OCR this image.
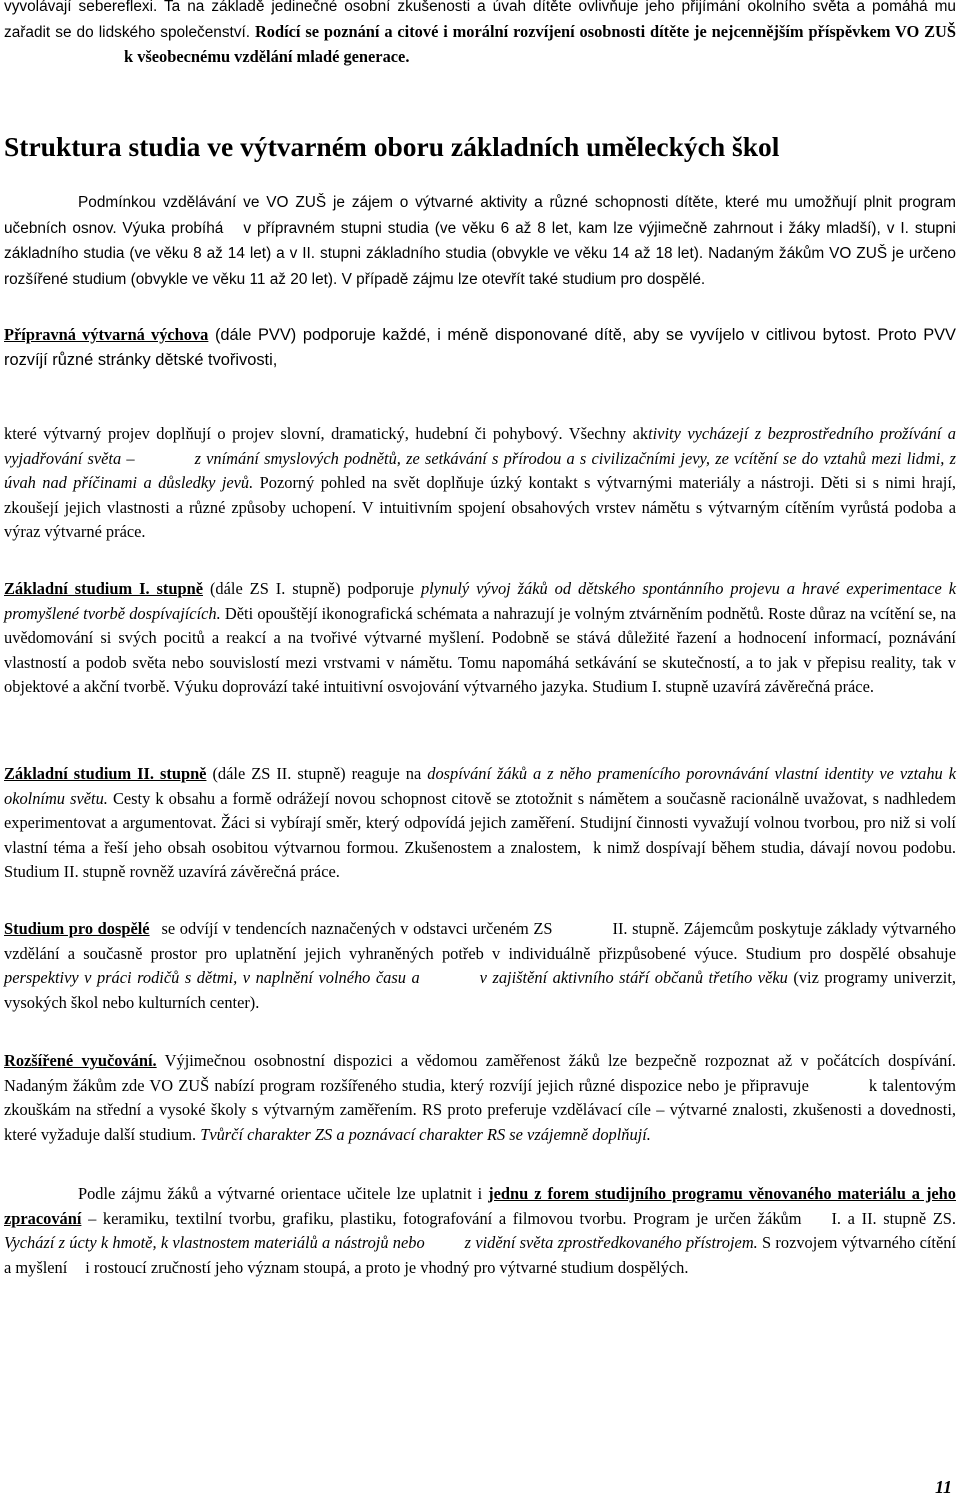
vyvolávají sebereflexi. Ta na základě jedinečné osobní zkušenosti a úvah dítěte ovlivňuje jeho přijímání okolního světa a pomáhá mu zařadit se do lidského společenství. Rodící se poznání a citové i morální rozvíjení osobnosti dítěte je nejcennějším příspěvkem VO ZUŠk všeobecnému vzdělání mladé generace.
Struktura studia ve výtvarném oboru základních uměleckých škol
Podmínkou vzdělávání ve VO ZUŠ je zájem o výtvarné aktivity a různé schopnosti dítěte, které mu umožňují plnit program učebních osnov. Výuka probíhá v přípravném stupni studia (ve věku 6 až 8 let, kam lze výjimečně zahrnout i žáky mladší), v I. stupni základního studia (ve věku 8 až 14 let) a v II. stupni základního studia (obvykle ve věku 14 až 18 let). Nadaným žákům VO ZUŠ je určeno rozšířené studium (obvykle ve věku 11 až 20 let). V případě zájmu lze otevřít také studium pro dospělé.
Přípravná výtvarná výchova (dále PVV) podporuje každé, i méně disponované dítě, aby se vyvíjelo v citlivou bytost. Proto PVV rozvíjí různé stránky dětské tvořivosti,
které výtvarný projev doplňují o projev slovní, dramatický, hudební či pohybový. Všechny aktivity vycházejí z bezprostředního prožívání a vyjadřování světa –	z vnímání smyslových podnětů, ze setkávání s přírodou a s civilizačními jevy, ze vcítění se do vztahů mezi lidmi, z úvah nad příčinami a důsledky jevů. Pozorný pohled na svět doplňuje úzký kontakt s výtvarnými materiály a nástroji. Děti si s nimi hrají, zkoušejí jejich vlastnosti a různé způsoby uchopení. V intuitivním spojení obsahových vrstev námětu s výtvarným cítěním vyrůstá podoba a výraz výtvarné práce.
Základní studium I. stupně (dále ZS I. stupně) podporuje plynulý vývoj žáků od dětského spontánního projevu a hravé experimentace k promyšlené tvorbě dospívajících. Děti opouštějí ikonografická schémata a nahrazují je volným ztvárněním podnětů. Roste důraz na vcítění se, na uvědomování si svých pocitů a reakcí a na tvořivé výtvarné myšlení. Podobně se stává důležité řazení a hodnocení informací, poznávání vlastností a podob světa nebo souvislostí mezi vrstvami v námětu. Tomu napomáhá setkávání se skutečností, a to jak v přepisu reality, tak v objektové a akční tvorbě. Výuku doprovází také intuitivní osvojování výtvarného jazyka. Studium I. stupně uzavírá závěrečná práce.
Základní studium II. stupně (dále ZS II. stupně) reaguje na dospívání žáků a z něho pramenícího porovnávání vlastní identity ve vztahu k okolnímu světu. Cesty k obsahu a formě odrážejí novou schopnost citově se ztotožnit s námětem a současně racionálně uvažovat, s nadhledem experimentovat a argumentovat. Žáci si vybírají směr, který odpovídá jejich zaměření. Studijní činnosti vyvažují volnou tvorbou, pro niž si volí vlastní téma a řeší jeho obsah osobitou výtvarnou formou. Zkušenostem a znalostem, k nimž dospívají během studia, dávají novou podobu. Studium II. stupně rovněž uzavírá závěrečná práce.
Studium pro dospělé se odvíjí v tendencích naznačených v odstavci určeném ZS	II. stupně. Zájemcům poskytuje základy výtvarného vzdělání a současně prostor pro uplatnění jejich vyhraněných potřeb v individuálně přizpůsobené výuce. Studium pro dospělé obsahuje perspektivy v práci rodičů s dětmi, v naplnění volného času a	v zajištění aktivního stáří občanů třetího věku (viz programy univerzit, vysokých škol nebo kulturních center).
Rozšířené vyučování. Výjimečnou osobnostní dispozici a vědomou zaměřenost žáků lze bezpečně rozpoznat až v počátcích dospívání. Nadaným žákům zde VO ZUŠ nabízí program rozšířeného studia, který rozvíjí jejich různé dispozice nebo je připravuje	k talentovým zkouškám na střední a vysoké školy s výtvarným zaměřením. RS proto preferuje vzdělávací cíle – výtvarné znalosti, zkušenosti a dovednosti, které vyžaduje další studium. Tvůrčí charakter ZS a poznávací charakter RS se vzájemně doplňují.
Podle zájmu žáků a výtvarné orientace učitele lze uplatnit i jednu z forem studijního programu věnovaného materiálu a jeho zpracování – keramiku, textilní tvorbu, grafiku, plastiku, fotografování a filmovou tvorbu. Program je určen žákům I. a II. stupně ZS. Vychází z úcty k hmotě, k vlastnostem materiálů a nástrojů nebo z vidění světa zprostředkovaného přístrojem. S rozvojem výtvarného cítění a myšlení i rostoucí zručností jeho význam stoupá, a proto je vhodný pro výtvarné studium dospělých.
11
